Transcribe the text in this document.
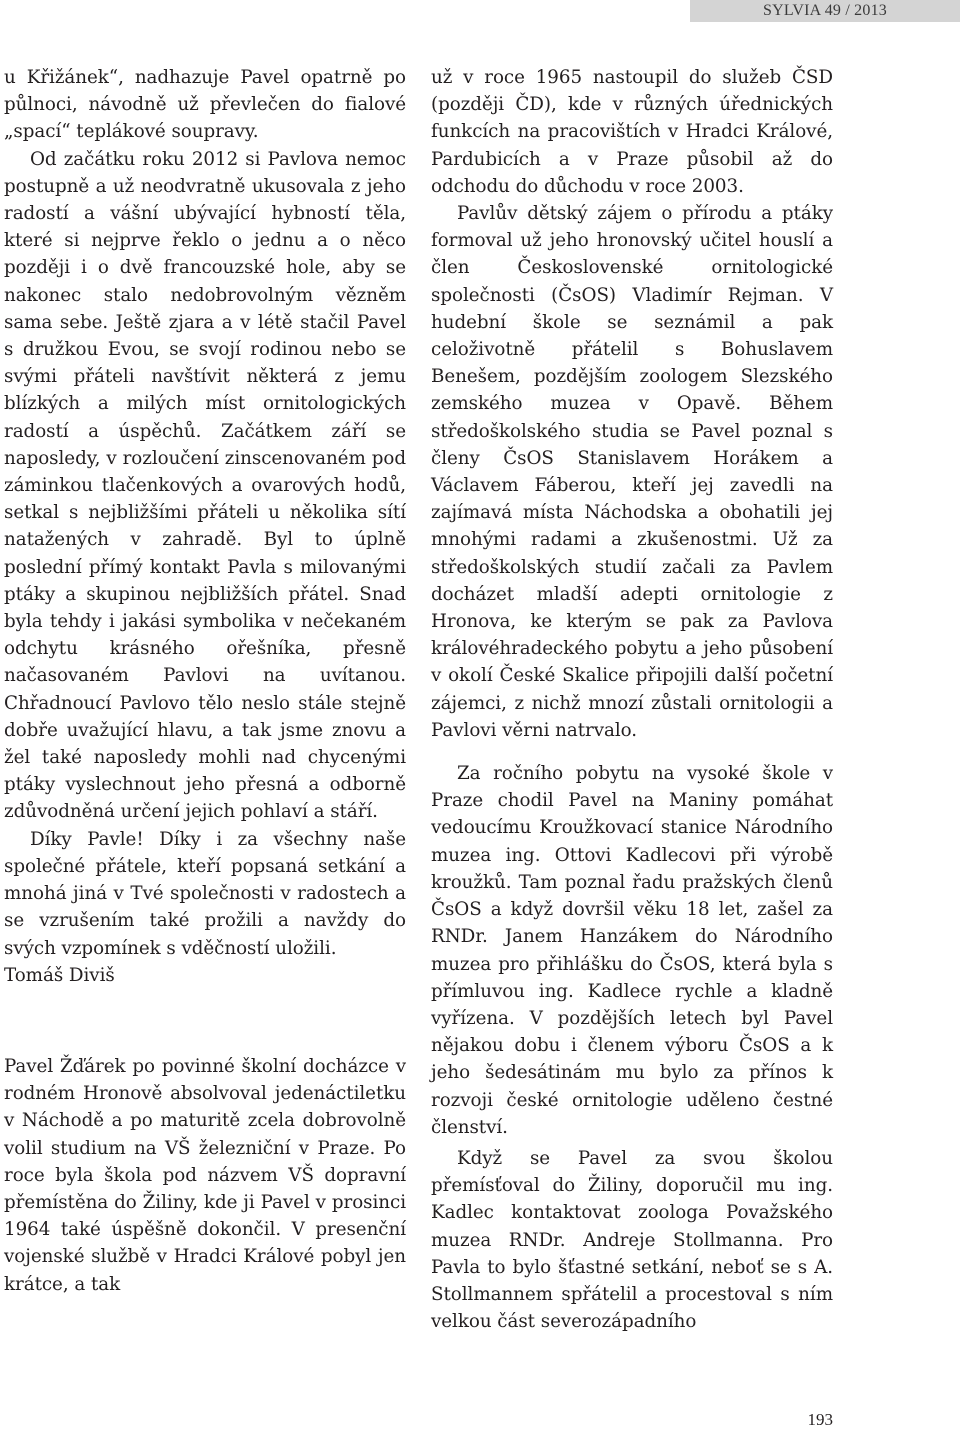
SYLVIA 49 / 2013

u Křižánek“, nadhazuje Pavel opatrně po půlnoci, návodně už převlečen do fialové „spací“ teplákové soupravy.

Od začátku roku 2012 si Pavlova nemoc postupně a už neodvratně ukusovala z jeho radostí a vášní ubývající hybností těla, které si nejprve řeklo o jednu a o něco později i o dvě francouzské hole, aby se nakonec stalo nedobrovolným vězněm sama sebe. Ještě zjara a v létě stačil Pavel s družkou Evou, se svojí rodinou nebo se svými přáteli navštívit některá z jemu blízkých a milých míst ornitologických radostí a úspěchů. Začátkem září se naposledy, v rozloučení zinscenovaném pod záminkou tlačenkových a ovarových hodů, setkal s nejbližšími přáteli u několika sítí natažených v zahradě. Byl to úplně poslední přímý kontakt Pavla s milovanými ptáky a skupinou nejbližších přátel. Snad byla tehdy i jakási symbolika v nečekaném odchytu krásného ořešníka, přesně načasovaném Pavlovi na uvítanou. Chřadnoucí Pavlovo tělo neslo stále stejně dobře uvažující hlavu, a tak jsme znovu a žel také naposledy mohli nad chycenými ptáky vyslechnout jeho přesná a odborně zdůvodněná určení jejich pohlaví a stáří.

Díky Pavle! Díky i za všechny naše společné přátele, kteří popsaná setkání a mnohá jiná v Tvé společnosti v radostech a se vzrušením také prožili a navždy do svých vzpomínek s vděčností uložili.

Tomáš Diviš

Pavel Žďárek po povinné školní docházce v rodném Hronově absolvoval jedenáctiletku v Náchodě a po maturitě zcela dobrovolně volil studium na VŠ železniční v Praze. Po roce byla škola pod názvem VŠ dopravní přemístěna do Žiliny, kde ji Pavel v prosinci 1964 také úspěšně dokončil. V presenční vojenské službě v Hradci Králové pobyl jen krátce, a tak

už v roce 1965 nastoupil do služeb ČSD (později ČD), kde v různých úřednických funkcích na pracovištích v Hradci Králové, Pardubicích a v Praze působil až do odchodu do důchodu v roce 2003.

Pavlův dětský zájem o přírodu a ptáky formoval už jeho hronovský učitel houslí a člen Československé ornitologické společnosti (ČsOS) Vladimír Rejman. V hudební škole se seznámil a pak celoživotně přátelil s Bohuslavem Benešem, pozdějším zoologem Slezského zemského muzea v Opavě. Během středoškolského studia se Pavel poznal s členy ČsOS Stanislavem Horákem a Václavem Fáberou, kteří jej zavedli na zajímavá místa Náchodska a obohatili jej mnohými radami a zkušenostmi. Už za středoškolských studií začali za Pavlem docházet mladší adepti ornitologie z Hronova, ke kterým se pak za Pavlova královéhradeckého pobytu a jeho působení v okolí České Skalice připojili další početní zájemci, z nichž mnozí zůstali ornitologii a Pavlovi věrni natrvalo.

Za ročního pobytu na vysoké škole v Praze chodil Pavel na Maniny pomáhat vedoucímu Kroužkovací stanice Národního muzea ing. Ottovi Kadlecovi při výrobě kroužků. Tam poznal řadu pražských členů ČsOS a když dovršil věku 18 let, zašel za RNDr. Janem Hanzákem do Národního muzea pro přihlášku do ČsOS, která byla s přímluvou ing. Kadlece rychle a kladně vyřízena. V pozdějších letech byl Pavel nějakou dobu i členem výboru ČsOS a k jeho šedesátinám mu bylo za přínos k rozvoji české ornitologie uděleno čestné členství.

Když se Pavel za svou školou přemísťoval do Žiliny, doporučil mu ing. Kadlec kontaktovat zoologa Považského muzea RNDr. Andreje Stollmanna. Pro Pavla to bylo šťastné setkání, neboť se s A. Stollmannem spřátelil a procestoval s ním velkou část severozápadního

193
